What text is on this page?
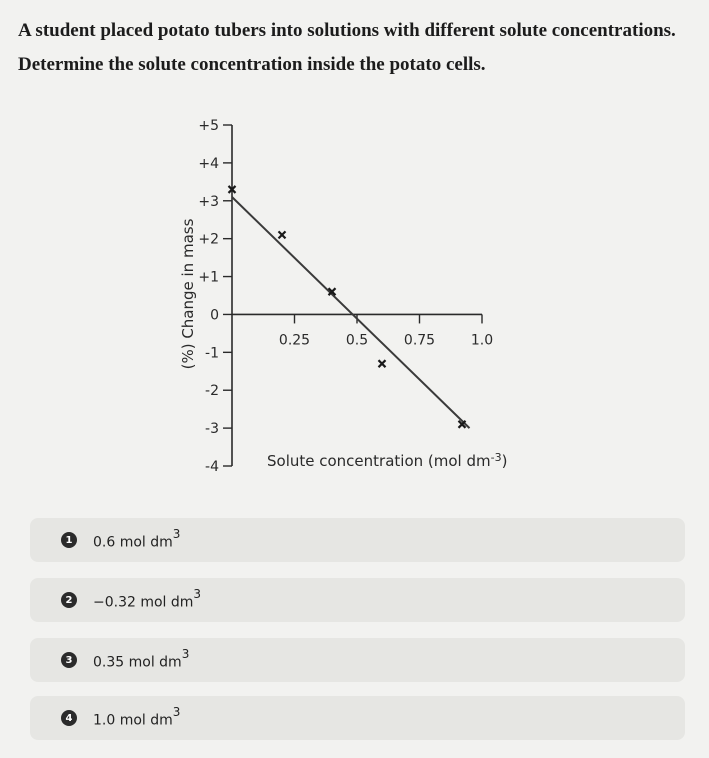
A student placed potato tubers into solutions with different solute concentrations.

Determine the solute concentration inside the potato cells.

+5
+4
+3
+2
+1
0
-1
-2
-3
-4
0.25	0.5	0.75	1.0
(%) Change in mass
Solute concentration (mol $dm^{-3}$)
1	0.6 mol $dm^3$
2	−0.32 mol $dm^3$
3	0.35 mol $dm^3$
4	1.0 mol $dm^3$
